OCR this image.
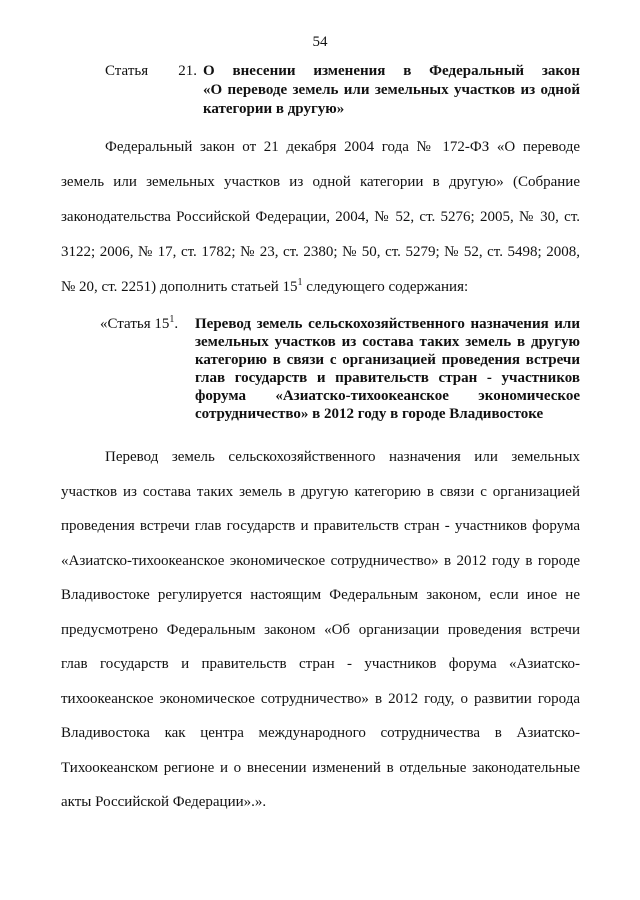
54
Статья 21. О внесении изменения в Федеральный закон
«О переводе земель или земельных участков из одной категории в другую»
Федеральный закон от 21 декабря 2004 года № 172-ФЗ «О переводе земель или земельных участков из одной категории в другую» (Собрание законодательства Российской Федерации, 2004, № 52, ст. 5276; 2005, № 30, ст. 3122; 2006, № 17, ст. 1782; № 23, ст. 2380; № 50, ст. 5279; № 52, ст. 5498; 2008, № 20, ст. 2251) дополнить статьей $15^1$ следующего содержания:
«Статья $15^1$. Перевод земель сельскохозяйственного назначения или земельных участков из состава таких земель в другую категорию в связи с организацией проведения встречи глав государств и правительств стран - участников форума «Азиатско-тихоокеанское экономическое сотрудничество» в 2012 году в городе Владивостоке
Перевод земель сельскохозяйственного назначения или земельных участков из состава таких земель в другую категорию в связи с организацией проведения встречи глав государств и правительств стран - участников форума «Азиатско-тихоокеанское экономическое сотрудничество» в 2012 году в городе Владивостоке регулируется настоящим Федеральным законом, если иное не предусмотрено Федеральным законом «Об организации проведения встречи глав государств и правительств стран - участников форума «Азиатско-тихоокеанское экономическое сотрудничество» в 2012 году, о развитии города Владивостока как центра международного сотрудничества в Азиатско-Тихоокеанском регионе и о внесении изменений в отдельные законодательные акты Российской Федерации».».
